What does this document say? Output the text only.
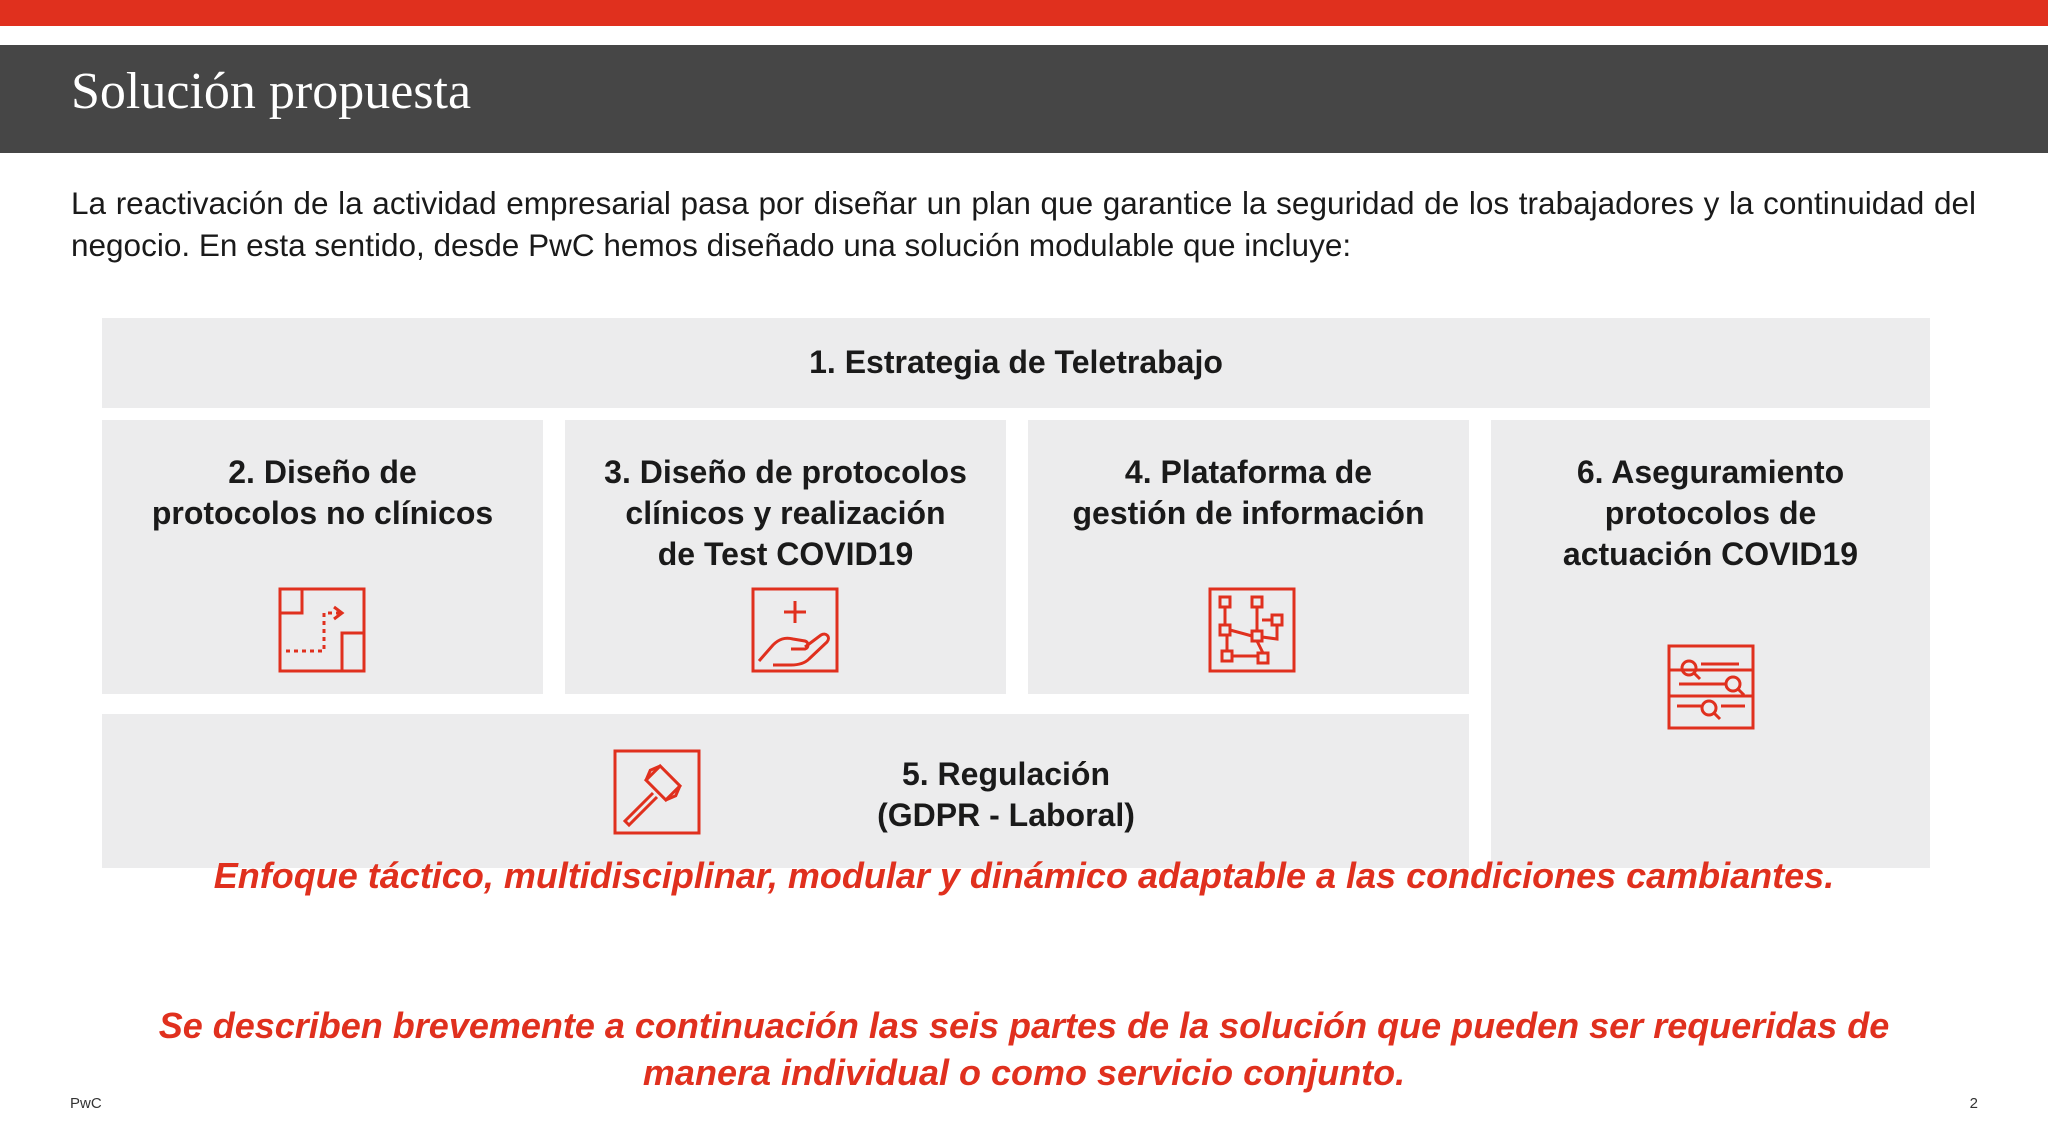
Solución propuesta
La reactivación de la actividad empresarial pasa por diseñar un plan que garantice la seguridad de los trabajadores y la continuidad del negocio. En esta sentido, desde PwC hemos diseñado una solución modulable que incluye:
1. Estrategia de Teletrabajo
2. Diseño de
protocolos no clínicos
3. Diseño de protocolos
clínicos y realización
de Test COVID19
4. Plataforma de
gestión de información
6. Aseguramiento
protocolos de
actuación COVID19
5. Regulación
(GDPR - Laboral)
Enfoque táctico, multidisciplinar, modular y dinámico adaptable a las condiciones cambiantes.
Se describen brevemente a continuación las seis partes de la solución que pueden ser requeridas de
manera individual o como servicio conjunto.
PwC	2
